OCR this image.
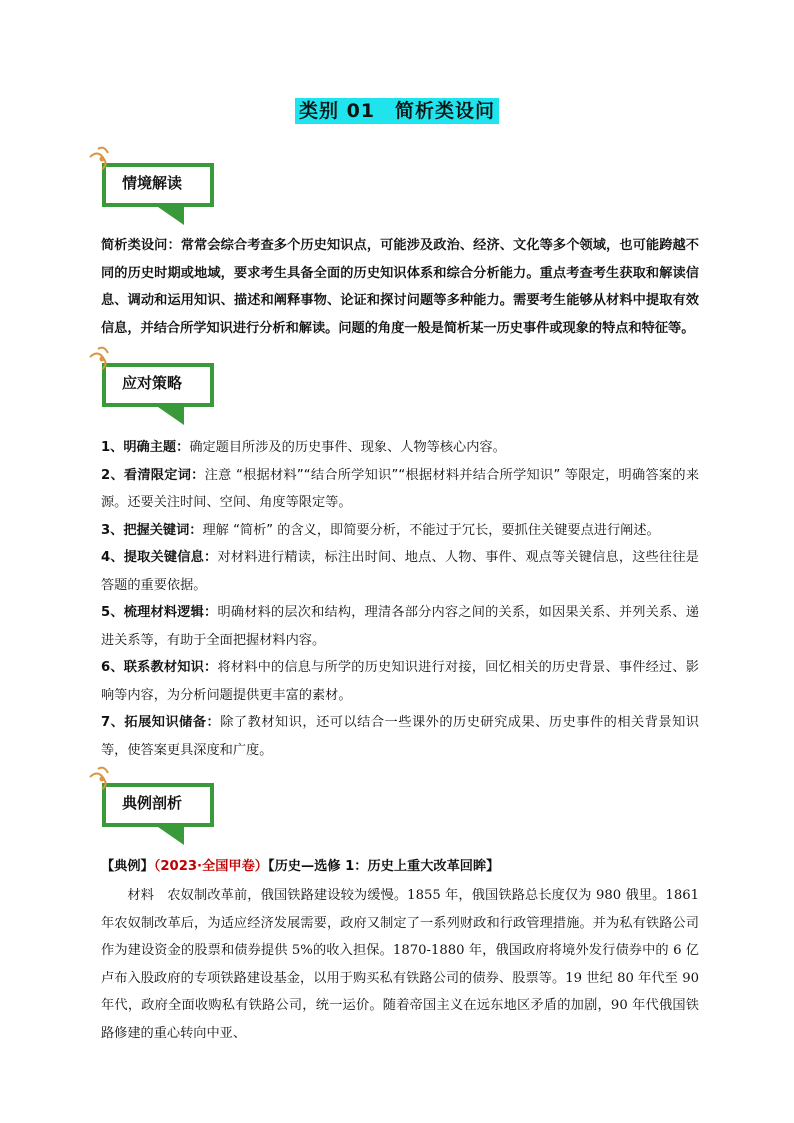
类别 01　简析类设问
情境解读
简析类设问：常常会综合考查多个历史知识点，可能涉及政治、经济、文化等多个领域，也可能跨越不同的历史时期或地域，要求考生具备全面的历史知识体系和综合分析能力。重点考查考生获取和解读信息、调动和运用知识、描述和阐释事物、论证和探讨问题等多种能力。需要考生能够从材料中提取有效信息，并结合所学知识进行分析和解读。问题的角度一般是简析某一历史事件或现象的特点和特征等。
应对策略
1、明确主题：确定题目所涉及的历史事件、现象、人物等核心内容。
2、看清限定词：注意 “根据材料”“结合所学知识”“根据材料并结合所学知识” 等限定，明确答案的来源。还要关注时间、空间、角度等限定等。
3、把握关键词：理解 “简析” 的含义，即简要分析，不能过于冗长，要抓住关键要点进行阐述。
4、提取关键信息：对材料进行精读，标注出时间、地点、人物、事件、观点等关键信息，这些往往是答题的重要依据。
5、梳理材料逻辑：明确材料的层次和结构，理清各部分内容之间的关系，如因果关系、并列关系、递进关系等，有助于全面把握材料内容。
6、联系教材知识：将材料中的信息与所学的历史知识进行对接，回忆相关的历史背景、事件经过、影响等内容，为分析问题提供更丰富的素材。
7、拓展知识储备：除了教材知识，还可以结合一些课外的历史研究成果、历史事件的相关背景知识等，使答案更具深度和广度。
典例剖析
【典例】（2023·全国甲卷）【历史—选修 1：历史上重大改革回眸】
材料　农奴制改革前，俄国铁路建设较为缓慢。1855 年，俄国铁路总长度仅为 980 俄里。1861 年农奴制改革后，为适应经济发展需要，政府又制定了一系列财政和行政管理措施。并为私有铁路公司作为建设资金的股票和债券提供 5%的收入担保。1870-1880 年，俄国政府将境外发行债券中的 6 亿卢布入股政府的专项铁路建设基金，以用于购买私有铁路公司的债券、股票等。19 世纪 80 年代至 90 年代，政府全面收购私有铁路公司，统一运价。随着帝国主义在远东地区矛盾的加剧，90 年代俄国铁路修建的重心转向中亚、
